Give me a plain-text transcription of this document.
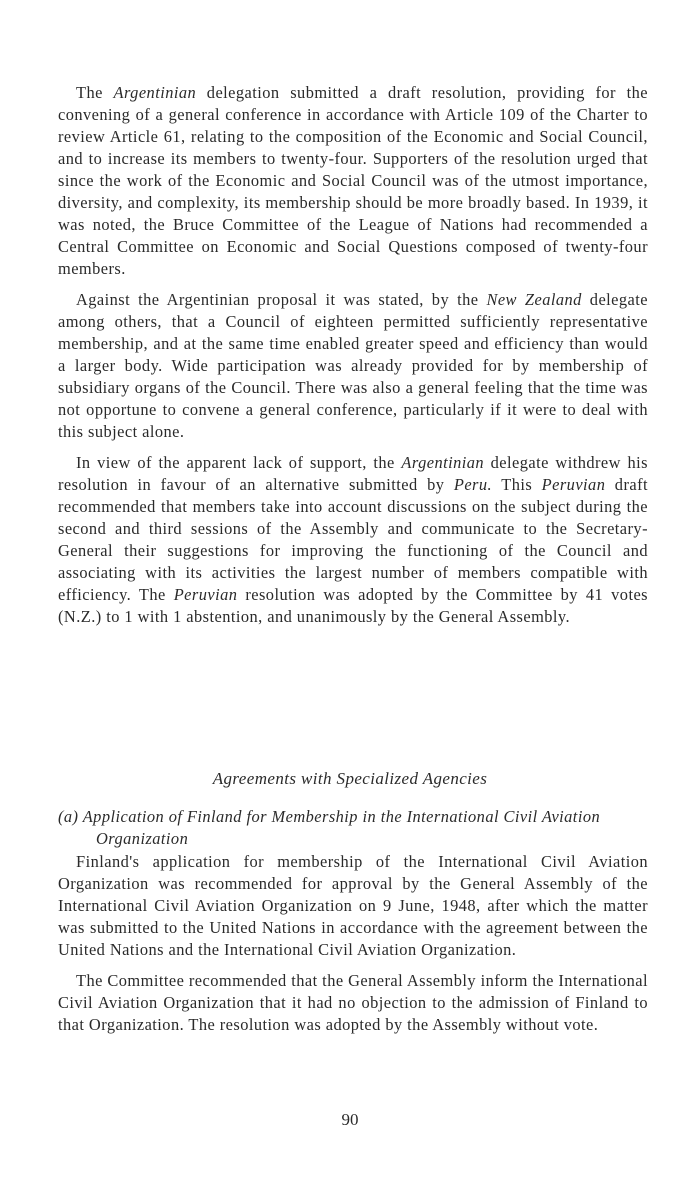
The Argentinian delegation submitted a draft resolution, providing for the convening of a general conference in accordance with Article 109 of the Charter to review Article 61, relating to the composition of the Economic and Social Council, and to increase its members to twenty-four. Supporters of the resolution urged that since the work of the Economic and Social Council was of the utmost importance, diversity, and complexity, its membership should be more broadly based. In 1939, it was noted, the Bruce Committee of the League of Nations had recommended a Central Committee on Economic and Social Questions composed of twenty-four members.

Against the Argentinian proposal it was stated, by the New Zealand delegate among others, that a Council of eighteen permitted sufficiently representative membership, and at the same time enabled greater speed and efficiency than would a larger body. Wide participation was already provided for by membership of subsidiary organs of the Council. There was also a general feeling that the time was not opportune to convene a general conference, particularly if it were to deal with this subject alone.

In view of the apparent lack of support, the Argentinian delegate withdrew his resolution in favour of an alternative submitted by Peru. This Peruvian draft recommended that members take into account discussions on the subject during the second and third sessions of the Assembly and communicate to the Secretary-General their suggestions for improving the functioning of the Council and associating with its activities the largest number of members compatible with efficiency. The Peruvian resolution was adopted by the Committee by 41 votes (N.Z.) to 1 with 1 abstention, and unanimously by the General Assembly.

Agreements with Specialized Agencies
(a) Application of Finland for Membership in the International Civil Aviation Organization

Finland's application for membership of the International Civil Aviation Organization was recommended for approval by the General Assembly of the International Civil Aviation Organization on 9 June, 1948, after which the matter was submitted to the United Nations in accordance with the agreement between the United Nations and the International Civil Aviation Organization.

The Committee recommended that the General Assembly inform the International Civil Aviation Organization that it had no objection to the admission of Finland to that Organization. The resolution was adopted by the Assembly without vote.

90
